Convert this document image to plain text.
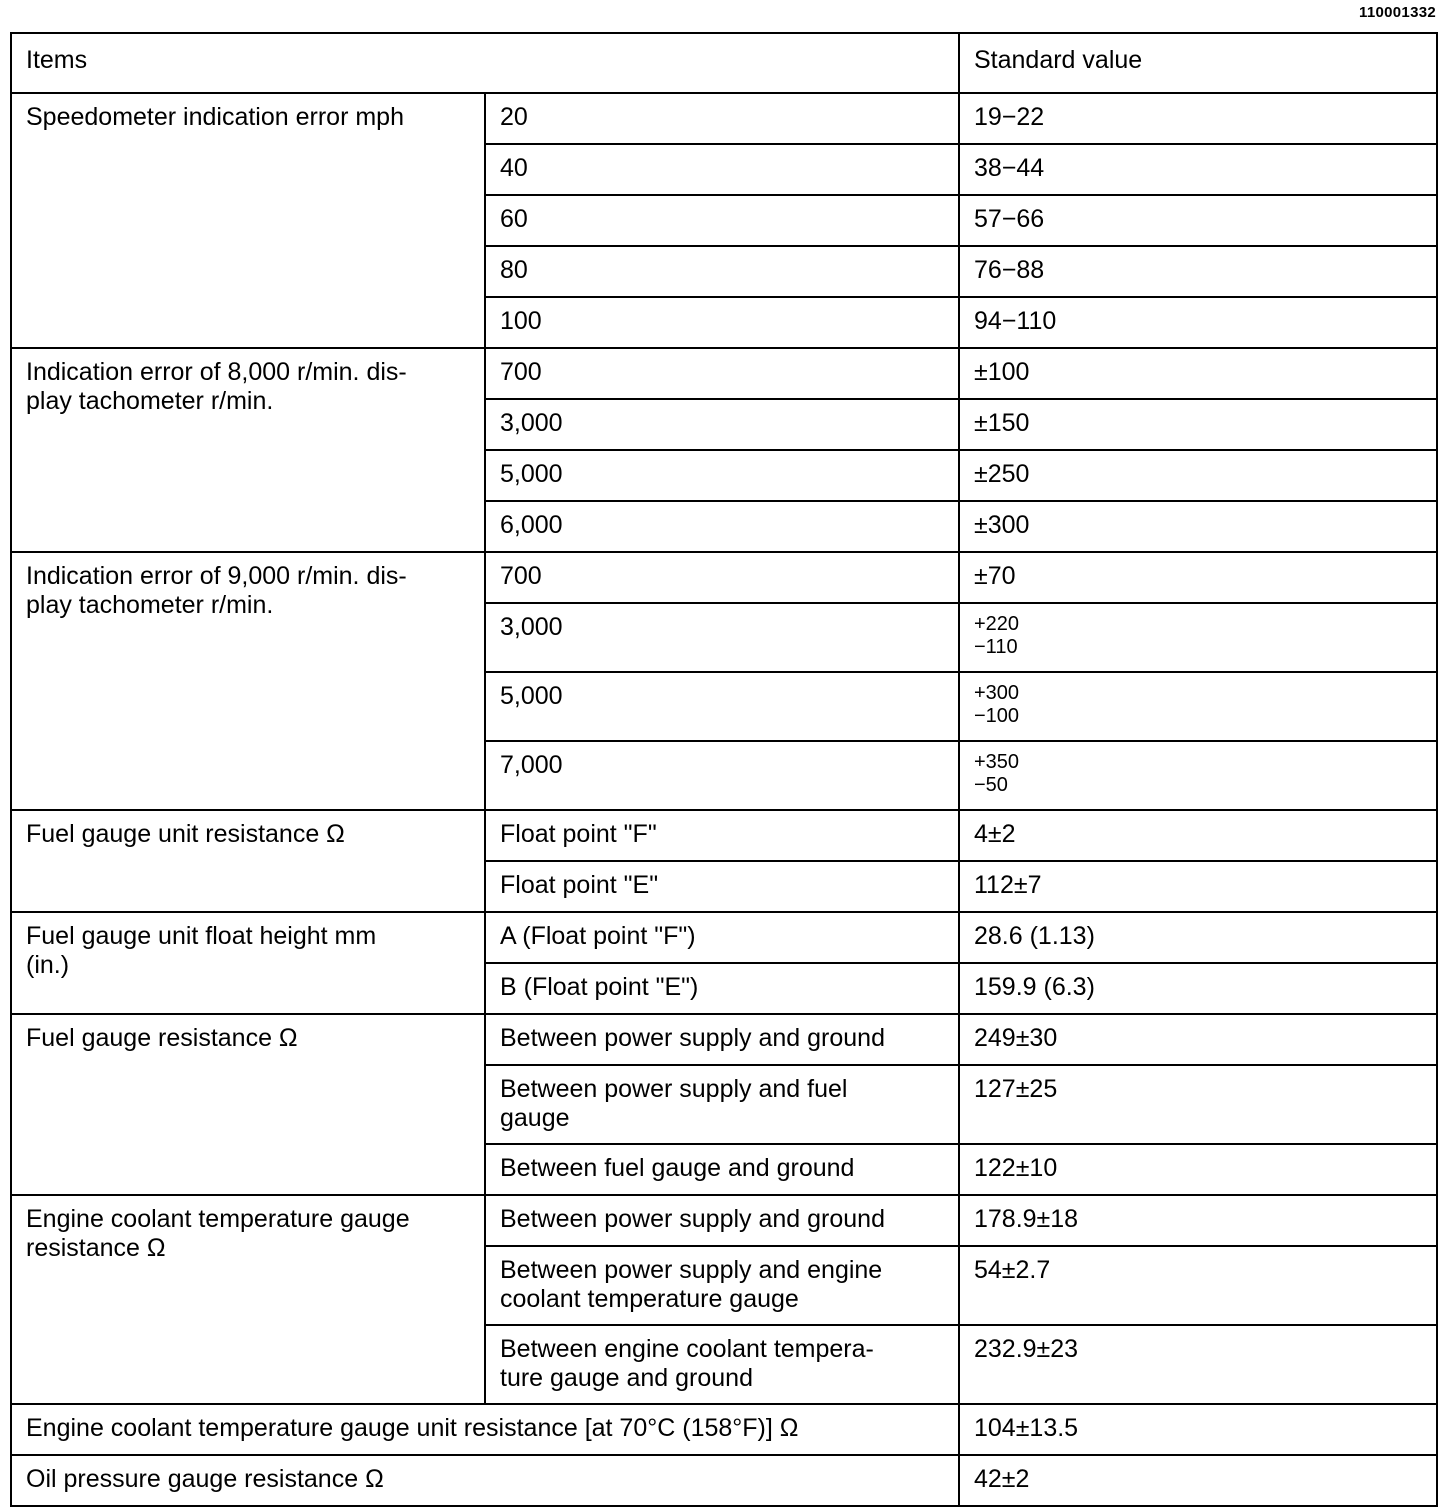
110001332
Items		Standard value
Speedometer indication error mph	20	19−22
	40	38−44
	60	57−66
	80	76−88
	100	94−110
Indication error of 8,000 r/min. dis-
play tachometer r/min.	700	±100
	3,000	±150
	5,000	±250
	6,000	±300
Indication error of 9,000 r/min. dis-
play tachometer r/min.	700	±70
	3,000	+220
−110

	5,000	+300
−100

	7,000	+350
−50

Fuel gauge unit resistance Ω	Float point "F"	4±2
	Float point "E"	112±7
Fuel gauge unit float height mm
(in.)	A (Float point "F")	28.6 (1.13)
	B (Float point "E")	159.9 (6.3)
Fuel gauge resistance Ω	Between power supply and ground	249±30
	Between power supply and fuel
gauge	127±25
	Between fuel gauge and ground	122±10
Engine coolant temperature gauge
resistance Ω	Between power supply and ground	178.9±18
	Between power supply and engine
coolant temperature gauge	54±2.7
	Between engine coolant tempera-
ture gauge and ground	232.9±23
Engine coolant temperature gauge unit resistance [at 70°C (158°F)] Ω		104±13.5
Oil pressure gauge resistance Ω		42±2
